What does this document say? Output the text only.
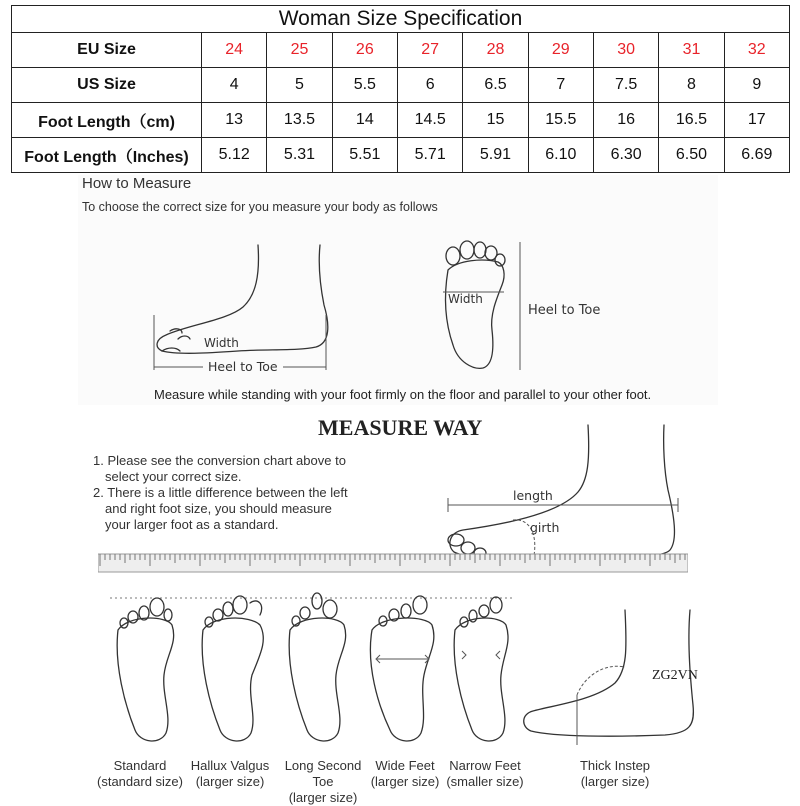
Woman Size Specification									
EU Size	24	25	26	27	28	29	30	31	32
US Size	4	5	5.5	6	6.5	7	7.5	8	9
Foot Length（cm)	13	13.5	14	14.5	15	15.5	16	16.5	17
Foot Length（Inches)	5.12	5.31	5.51	5.71	5.91	6.10	6.30	6.50	6.69
How to Measure
To choose the correct size for you measure your body as follows
Width
Heel to Toe
Width
Heel to Toe
Measure while standing with your foot firmly on the floor and parallel to your other foot.
MEASURE WAY
1. Please see the conversion chart above to
select your correct size.
2. There is a little difference between the left
and right foot size, you should measure
your larger foot as a standard.
length
girth
ZG2VN
Standard
(standard size)
Hallux Valgus
(larger size)
Long Second Toe
(larger size)
Wide Feet
(larger size)
Narrow Feet
(smaller size)
Thick Instep
(larger size)
